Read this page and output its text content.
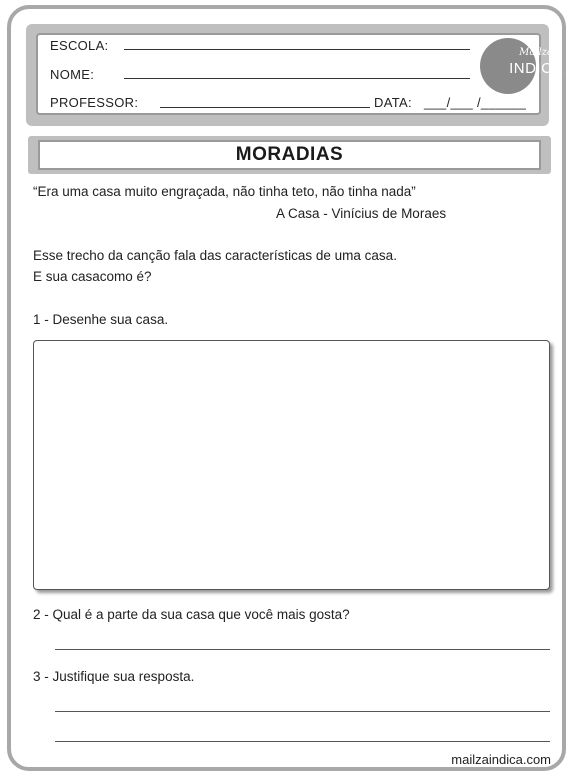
ESCOLA:
NOME:
PROFESSOR:	DATA: ___/___ /______
Mailza
INDICA
MORADIAS
“Era uma casa muito engraçada, não tinha teto, não tinha nada”
A Casa - Vinícius de Moraes
Esse trecho da canção fala das características de uma casa.
E sua casacomo é?
1 - Desenhe sua casa.
2 - Qual é a parte da sua casa que você mais gosta?
3 - Justifique sua resposta.
mailzaindica.com
